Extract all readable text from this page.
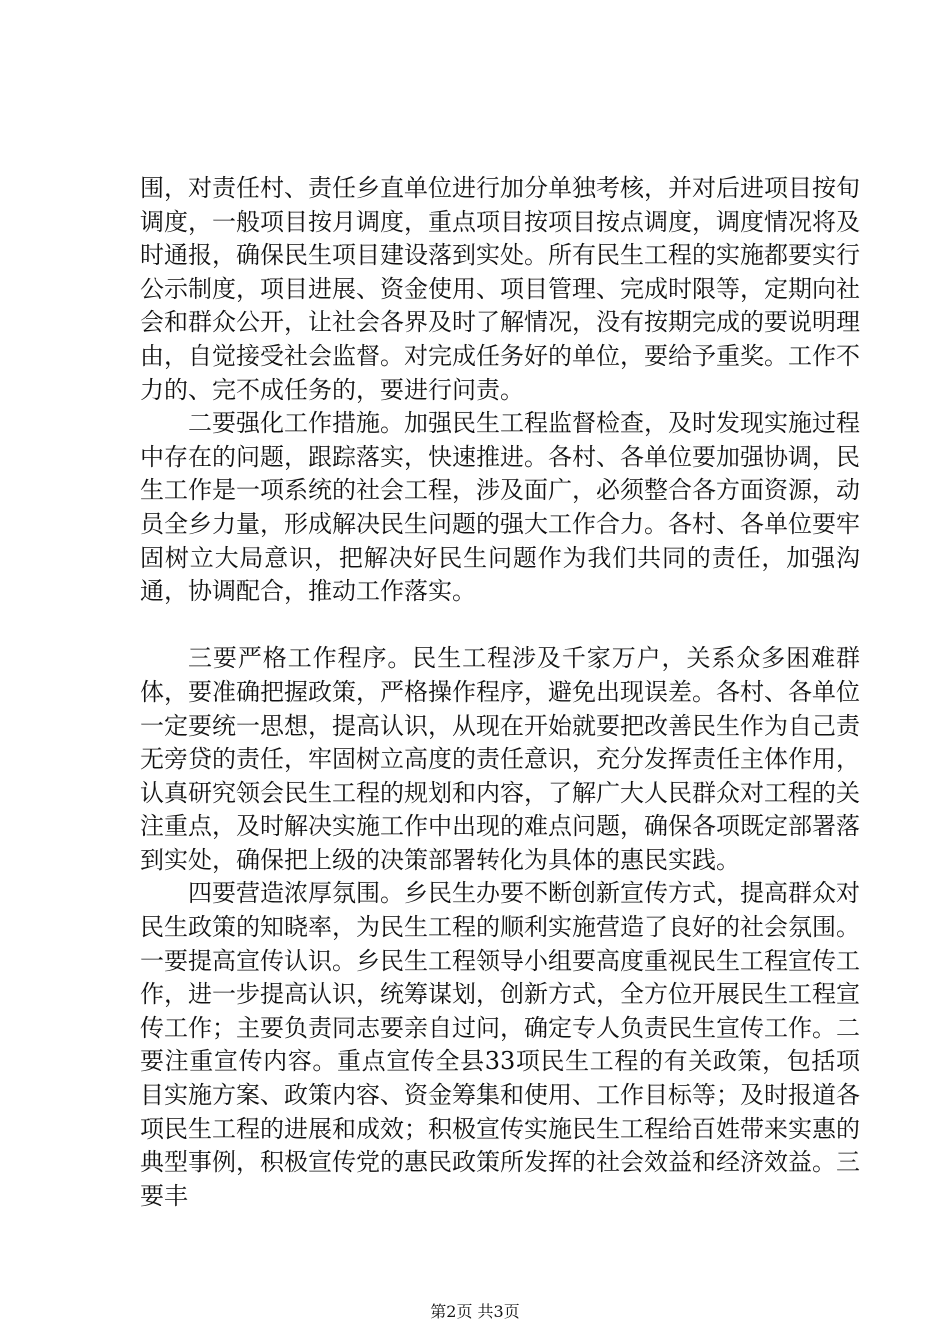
围，对责任村、责任乡直单位进行加分单独考核，并对后进项目按旬调度，一般项目按月调度，重点项目按项目按点调度，调度情况将及时通报，确保民生项目建设落到实处。所有民生工程的实施都要实行公示制度，项目进展、资金使用、项目管理、完成时限等，定期向社会和群众公开，让社会各界及时了解情况，没有按期完成的要说明理由，自觉接受社会监督。对完成任务好的单位，要给予重奖。工作不力的、完不成任务的，要进行问责。

二要强化工作措施。加强民生工程监督检查，及时发现实施过程中存在的问题，跟踪落实，快速推进。各村、各单位要加强协调，民生工作是一项系统的社会工程，涉及面广，必须整合各方面资源，动员全乡力量，形成解决民生问题的强大工作合力。各村、各单位要牢固树立大局意识，把解决好民生问题作为我们共同的责任，加强沟通，协调配合，推动工作落实。

三要严格工作程序。民生工程涉及千家万户，关系众多困难群体，要准确把握政策，严格操作程序，避免出现误差。各村、各单位一定要统一思想，提高认识，从现在开始就要把改善民生作为自己责无旁贷的责任，牢固树立高度的责任意识，充分发挥责任主体作用，认真研究领会民生工程的规划和内容，了解广大人民群众对工程的关注重点，及时解决实施工作中出现的难点问题，确保各项既定部署落到实处，确保把上级的决策部署转化为具体的惠民实践。

四要营造浓厚氛围。乡民生办要不断创新宣传方式，提高群众对民生政策的知晓率，为民生工程的顺利实施营造了良好的社会氛围。一要提高宣传认识。乡民生工程领导小组要高度重视民生工程宣传工作，进一步提高认识，统筹谋划，创新方式，全方位开展民生工程宣传工作；主要负责同志要亲自过问，确定专人负责民生宣传工作。二要注重宣传内容。重点宣传全县33项民生工程的有关政策，包括项目实施方案、政策内容、资金筹集和使用、工作目标等；及时报道各项民生工程的进展和成效；积极宣传实施民生工程给百姓带来实惠的典型事例，积极宣传党的惠民政策所发挥的社会效益和经济效益。三要丰

第2页 共3页
